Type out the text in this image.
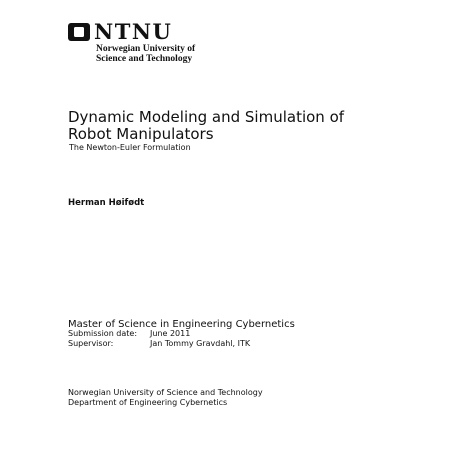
NTNU
Norwegian University of
Science and Technology
Dynamic Modeling and Simulation of
Robot Manipulators
The Newton-Euler Formulation
Herman Høifødt
Master of Science in Engineering Cybernetics
Submission date: June 2011
Supervisor:	Jan Tommy Gravdahl, ITK
Norwegian University of Science and Technology
Department of Engineering Cybernetics
